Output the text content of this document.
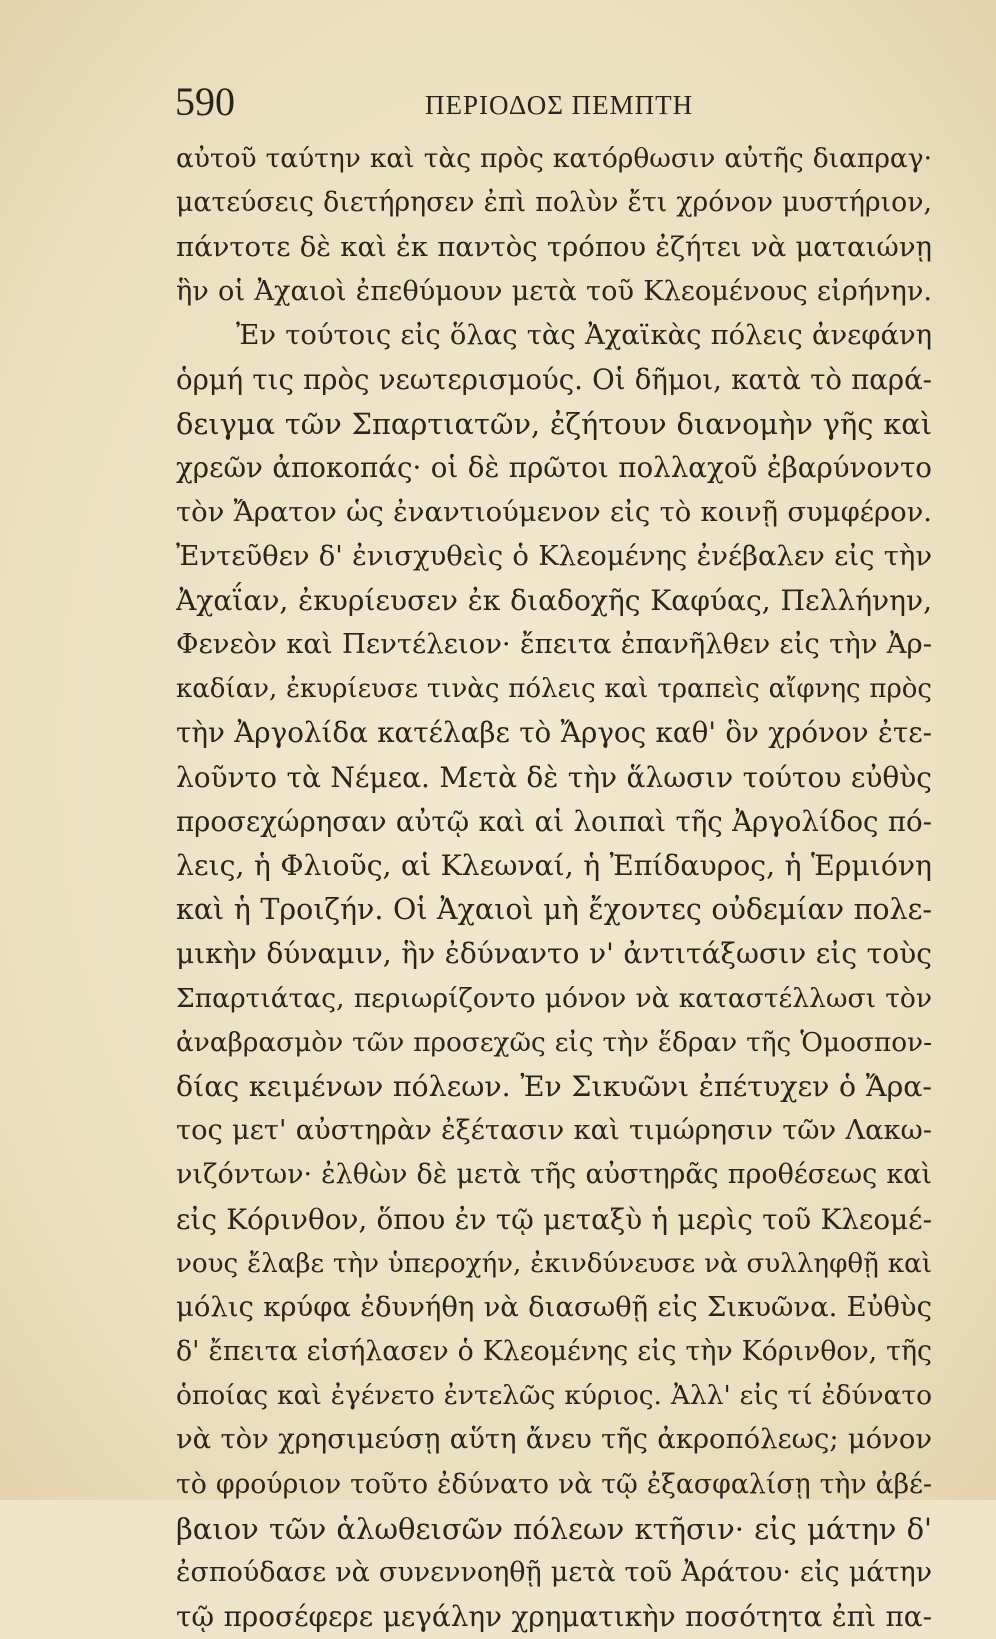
590	ΠΕΡΙΟΔΟΣ ΠΕΜΠΤΗ
αὐτοῦ ταύτην καὶ τὰς πρὸς κατόρθωσιν αὐτῆς διαπραγ·
ματεύσεις διετήρησεν ἐπὶ πολὺν ἔτι χρόνον μυστήριον,
πάντοτε δὲ καὶ ἐκ παντὸς τρόπου ἐζήτει νὰ ματαιώνῃ
ἣν οἱ Ἀχαιοὶ ἐπεθύμουν μετὰ τοῦ Κλεομένους εἰρήνην.
Ἐν τούτοις εἰς ὅλας τὰς Ἀχαϊκὰς πόλεις ἀνεφάνη
ὁρμή τις πρὸς νεωτερισμούς. Οἱ δῆμοι, κατὰ τὸ παρά-
δειγμα τῶν Σπαρτιατῶν, ἐζήτουν διανομὴν γῆς καὶ
χρεῶν ἀποκοπάς· οἱ δὲ πρῶτοι πολλαχοῦ ἐβαρύνοντο
τὸν Ἄρατον ὡς ἐναντιούμενον εἰς τὸ κοινῇ συμφέρον.
Ἐντεῦθεν δ' ἐνισχυθεὶς ὁ Κλεομένης ἐνέβαλεν εἰς τὴν
Ἀχαΐαν, ἐκυρίευσεν ἐκ διαδοχῆς Καφύας, Πελλήνην,
Φενεὸν καὶ Πεντέλειον· ἔπειτα ἐπανῆλθεν εἰς τὴν Ἀρ-
καδίαν, ἐκυρίευσε τινὰς πόλεις καὶ τραπεὶς αἴφνης πρὸς
τὴν Ἀργολίδα κατέλαβε τὸ Ἄργος καθ' ὃν χρόνον ἐτε-
λοῦντο τὰ Νέμεα. Μετὰ δὲ τὴν ἅλωσιν τούτου εὐθὺς
προσεχώρησαν αὐτῷ καὶ αἱ λοιπαὶ τῆς Ἀργολίδος πό-
λεις, ἡ Φλιοῦς, αἱ Κλεωναί, ἡ Ἐπίδαυρος, ἡ Ἑρμιόνη
καὶ ἡ Τροιζήν. Οἱ Ἀχαιοὶ μὴ ἔχοντες οὐδεμίαν πολε-
μικὴν δύναμιν, ἣν ἐδύναντο ν' ἀντιτάξωσιν εἰς τοὺς
Σπαρτιάτας, περιωρίζοντο μόνον νὰ καταστέλλωσι τὸν
ἀναβρασμὸν τῶν προσεχῶς εἰς τὴν ἕδραν τῆς Ὁμοσπον-
δίας κειμένων πόλεων. Ἐν Σικυῶνι ἐπέτυχεν ὁ Ἄρα-
τος μετ' αὐστηρὰν ἐξέτασιν καὶ τιμώρησιν τῶν Λακω-
νιζόντων· ἐλθὼν δὲ μετὰ τῆς αὐστηρᾶς προθέσεως καὶ
εἰς Κόρινθον, ὅπου ἐν τῷ μεταξὺ ἡ μερὶς τοῦ Κλεομέ-
νους ἔλαβε τὴν ὑπεροχήν, ἐκινδύνευσε νὰ συλληφθῇ καὶ
μόλις κρύφα ἐδυνήθη νὰ διασωθῇ εἰς Σικυῶνα. Εὐθὺς
δ' ἔπειτα εἰσήλασεν ὁ Κλεομένης εἰς τὴν Κόρινθον, τῆς
ὁποίας καὶ ἐγένετο ἐντελῶς κύριος. Ἀλλ' εἰς τί ἐδύνατο
νὰ τὸν χρησιμεύσῃ αὕτη ἄνευ τῆς ἀκροπόλεως; μόνον
τὸ φρούριον τοῦτο ἐδύνατο νὰ τῷ ἐξασφαλίσῃ τὴν ἀβέ-
βαιον τῶν ἁλωθεισῶν πόλεων κτῆσιν· εἰς μάτην δ'
ἐσπούδασε νὰ συνεννοηθῇ μετὰ τοῦ Ἀράτου· εἰς μάτην
τῷ προσέφερε μεγάλην χρηματικὴν ποσότητα ἐπὶ πα-
